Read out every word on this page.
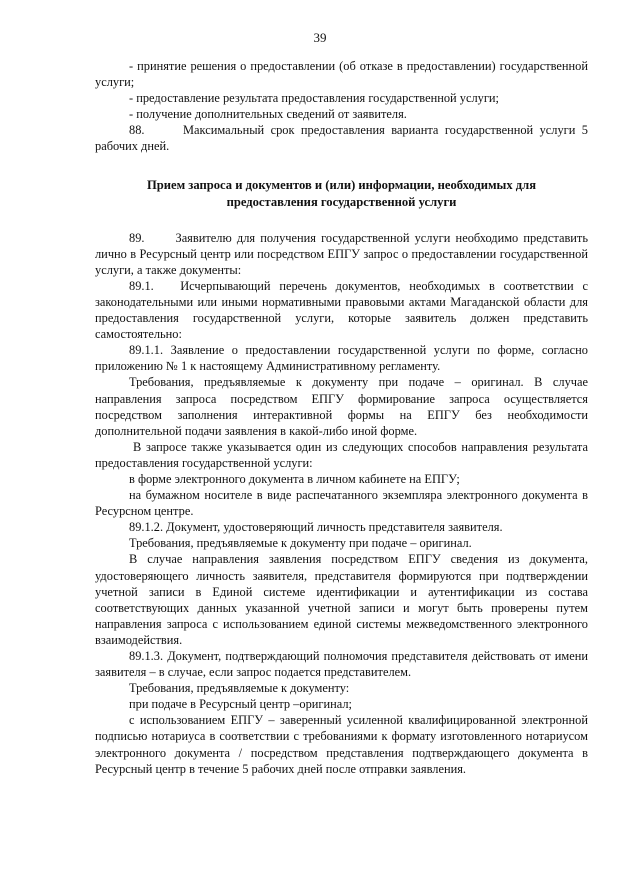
39

- принятие решения о предоставлении (об отказе в предоставлении) государственной услуги;

- предоставление результата предоставления государственной услуги;

- получение дополнительных сведений от заявителя.

88.      Максимальный срок предоставления варианта государственной услуги 5 рабочих дней.

Прием запроса и документов и (или) информации, необходимых для
предоставления государственной услуги

89.      Заявителю для получения государственной услуги необходимо представить лично в Ресурсный центр или посредством ЕПГУ запрос о предоставлении государственной услуги, а также документы:

89.1.   Исчерпывающий перечень документов, необходимых в соответствии с законодательными или иными нормативными правовыми актами Магаданской области для предоставления государственной услуги, которые заявитель должен представить самостоятельно:

89.1.1. Заявление о предоставлении государственной услуги по форме, согласно приложению № 1 к настоящему Административному регламенту.

Требования, предъявляемые к документу при подаче – оригинал. В случае направления запроса посредством ЕПГУ формирование запроса осуществляется посредством заполнения интерактивной формы на ЕПГУ без необходимости дополнительной подачи заявления в какой-либо иной форме.

В запросе также указывается один из следующих способов направления результата предоставления государственной услуги:

в форме электронного документа в личном кабинете на ЕПГУ;

на бумажном носителе в виде распечатанного экземпляра электронного документа в Ресурсном центре.

89.1.2. Документ, удостоверяющий личность представителя заявителя.

Требования, предъявляемые к документу при подаче – оригинал.

В случае направления заявления посредством ЕПГУ сведения из документа, удостоверяющего личность заявителя, представителя формируются при подтверждении учетной записи в Единой системе идентификации и аутентификации из состава соответствующих данных указанной учетной записи и могут быть проверены путем направления запроса с использованием единой системы межведомственного электронного взаимодействия.

89.1.3. Документ, подтверждающий полномочия представителя действовать от имени заявителя – в случае, если запрос подается представителем.

Требования, предъявляемые к документу:

при подаче в Ресурсный центр –оригинал;

с использованием ЕПГУ – заверенный усиленной квалифицированной электронной подписью нотариуса в соответствии с требованиями к формату изготовленного нотариусом электронного документа / посредством представления подтверждающего документа в Ресурсный центр в течение 5 рабочих дней после отправки заявления.
